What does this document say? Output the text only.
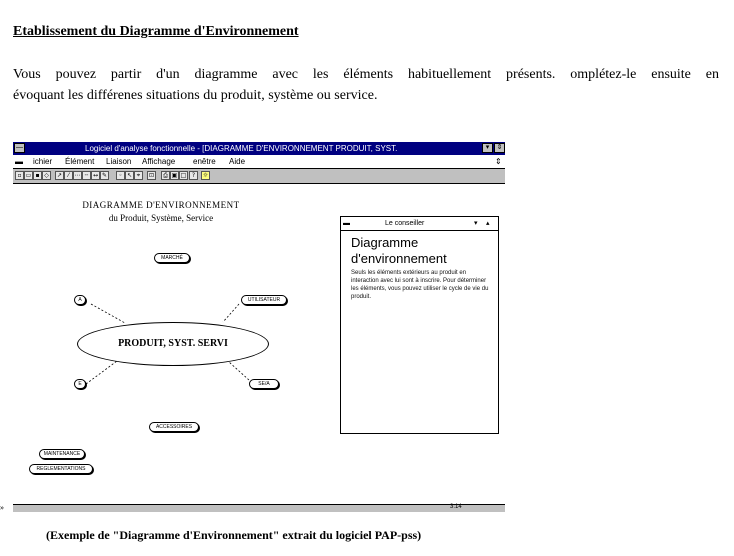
Etablissement du Diagramme d'Environnement
Vous pouvez partir d'un diagramme avec les éléments habituellement présents. omplétez-le ensuite en
évoquant les différenes situations du produit, système ou service.
—	Logiciel d'analyse fonctionnelle - [DIAGRAMME D'ENVIRONNEMENT PRODUIT, SYST.	▾	⇕
▬ ichier Élément Liaison Affichage enêtre Aide	⇕
▫ ▭ ▪ ◇	↗ ⁄ ⋯ ╌ ↔ ✎	◦ ↖ ⌖	⊡	⎙ ▣ □ ?	☼
DIAGRAMME D'ENVIRONNEMENT
du Produit, Système, Service
MARCHÉ
A	UTILISATEUR
PRODUIT, SYST. SERVI
E	SE/A
ACCESSOIRES
MAINTENANCE
REGLEMENTATIONS
▬	Le conseiller	▾ ▴
Diagramme d'environnement
Seuls les éléments extérieurs au produit en interaction avec lui sont à inscrire. Pour déterminer les éléments, vous pouvez utiliser le cycle de vie du produit.
3:14
»
(Exemple de "Diagramme d'Environnement" extrait du logiciel PAP-pss)
